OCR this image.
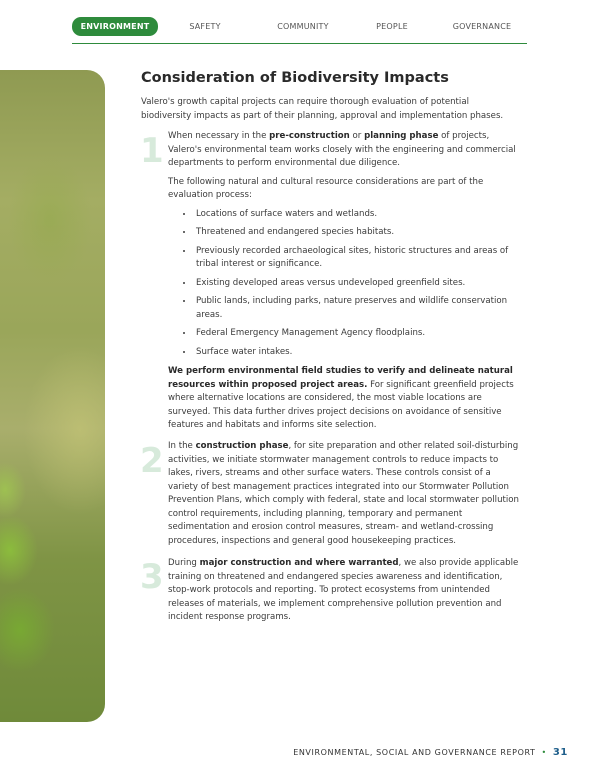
ENVIRONMENT	SAFETY	COMMUNITY	PEOPLE	GOVERNANCE
Consideration of Biodiversity Impacts
Valero's growth capital projects can require thorough evaluation of potential biodiversity impacts as part of their planning, approval and implementation phases.
1 When necessary in the pre-construction or planning phase of projects, Valero's environmental team works closely with the engineering and commercial departments to perform environmental due diligence.

The following natural and cultural resource considerations are part of the evaluation process:

• Locations of surface waters and wetlands.
• Threatened and endangered species habitats.
• Previously recorded archaeological sites, historic structures and areas of tribal interest or significance.
• Existing developed areas versus undeveloped greenfield sites.
• Public lands, including parks, nature preserves and wildlife conservation areas.
• Federal Emergency Management Agency floodplains.
• Surface water intakes.

We perform environmental field studies to verify and delineate natural resources within proposed project areas. For significant greenfield projects where alternative locations are considered, the most viable locations are surveyed. This data further drives project decisions on avoidance of sensitive features and habitats and informs site selection.

2 In the construction phase, for site preparation and other related soil-disturbing activities, we initiate stormwater management controls to reduce impacts to lakes, rivers, streams and other surface waters. These controls consist of a variety of best management practices integrated into our Stormwater Pollution Prevention Plans, which comply with federal, state and local stormwater pollution control requirements, including planning, temporary and permanent sedimentation and erosion control measures, stream- and wetland-crossing procedures, inspections and general good housekeeping practices.

3 During major construction and where warranted, we also provide applicable training on threatened and endangered species awareness and identification, stop-work protocols and reporting. To protect ecosystems from unintended releases of materials, we implement comprehensive pollution prevention and incident response programs.

ENVIRONMENTAL, SOCIAL AND GOVERNANCE REPORT • 31
